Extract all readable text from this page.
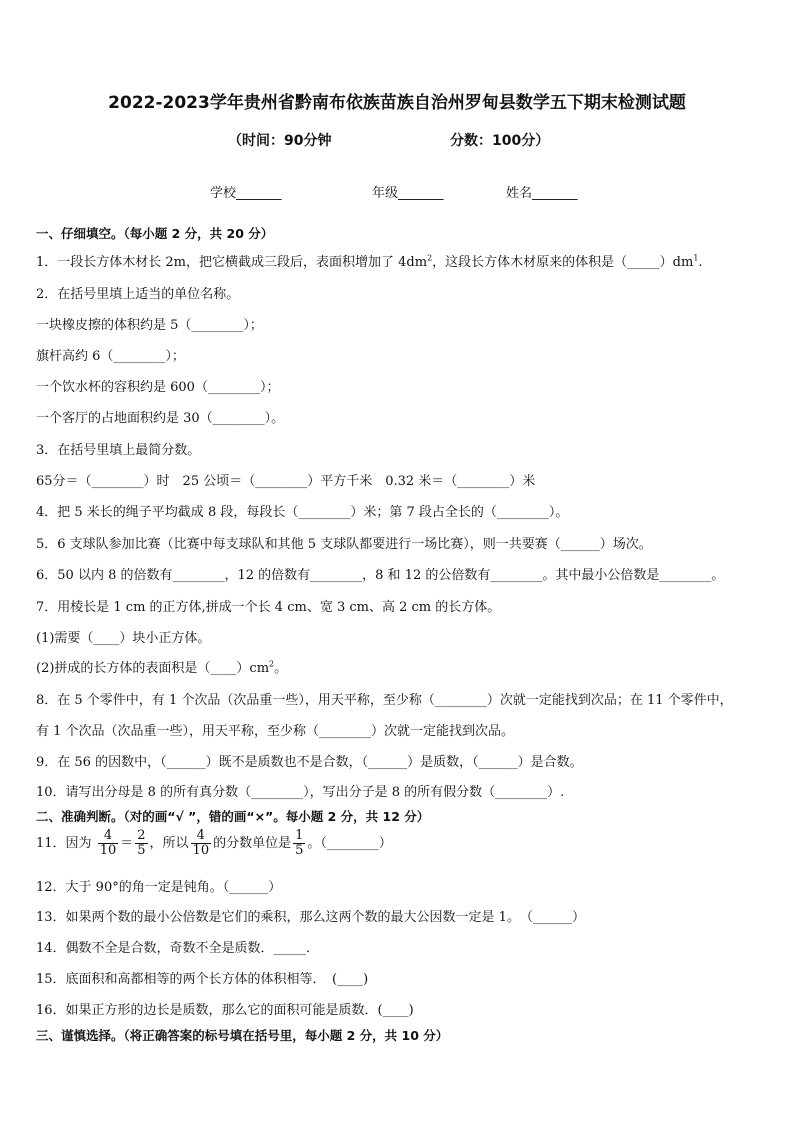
2022-2023学年贵州省黔南布依族苗族自治州罗甸县数学五下期末检测试题
（时间：90分钟	分数：100分）
学校_______	年级_______	姓名_______
一、仔细填空。（每小题 2 分，共 20 分）
1．一段长方体木材长 2m，把它横截成三段后，表面积增加了 $4dm^2$，这段长方体木材原来的体积是$(\_\_\_\_\_)dm^1$.
2．在括号里填上适当的单位名称。
一块橡皮擦的体积约是 5（________）；
旗杆高约 6（________）；
一个饮水杯的容积约是 600（________）；
一个客厅的占地面积约是 30（________）。
3．在括号里填上最简分数。
65分＝（________）时　25 公顷＝（________）平方千米　0.32 米＝（________）米
4．把 5 米长的绳子平均截成 8 段，每段长（________）米；第 7 段占全长的（________）。
5．6 支球队参加比赛（比赛中每支球队和其他 5 支球队都要进行一场比赛），则一共要赛（______）场次。
6．50 以内 8 的倍数有________，12 的倍数有________，8 和 12 的公倍数有________。其中最小公倍数是________。
7．用棱长是 1 cm 的正方体,拼成一个长 4 cm、宽 3 cm、高 2 cm 的长方体。
(1)需要（____）块小正方体。
(2)拼成的长方体的表面积是$(\_\_\_\_)cm^2$。
8．在 5 个零件中，有 1 个次品（次品重一些），用天平称，至少称（________）次就一定能找到次品；在 11 个零件中，
有 1 个次品（次品重一些），用天平称，至少称（________）次就一定能找到次品。
9．在 56 的因数中，（______）既不是质数也不是合数，（______）是质数，（______）是合数。
10．请写出分母是 8 的所有真分数（________），写出分子是 8 的所有假分数（________）.
二、准确判断。（对的画“√ ”，错的画“×”。每小题 2 分，共 12 分）
11．因为 $\frac{4}{10} = \frac{2}{5}$ ，所以 $\frac{4}{10}$ 的分数单位是 $\frac{1}{5}$ 。（________）
12．大于 90°的角一定是钝角。（______）
13．如果两个数的最小公倍数是它们的乘积，那么这两个数的最大公因数一定是 1。　（______）
14．偶数不全是合数，奇数不全是质数．_____．
15．底面积和高都相等的两个长方体的体积相等．　(____)
16．如果正方形的边长是质数，那么它的面积可能是质数．(____)
三、谨慎选择。（将正确答案的标号填在括号里，每小题 2 分，共 10 分）
